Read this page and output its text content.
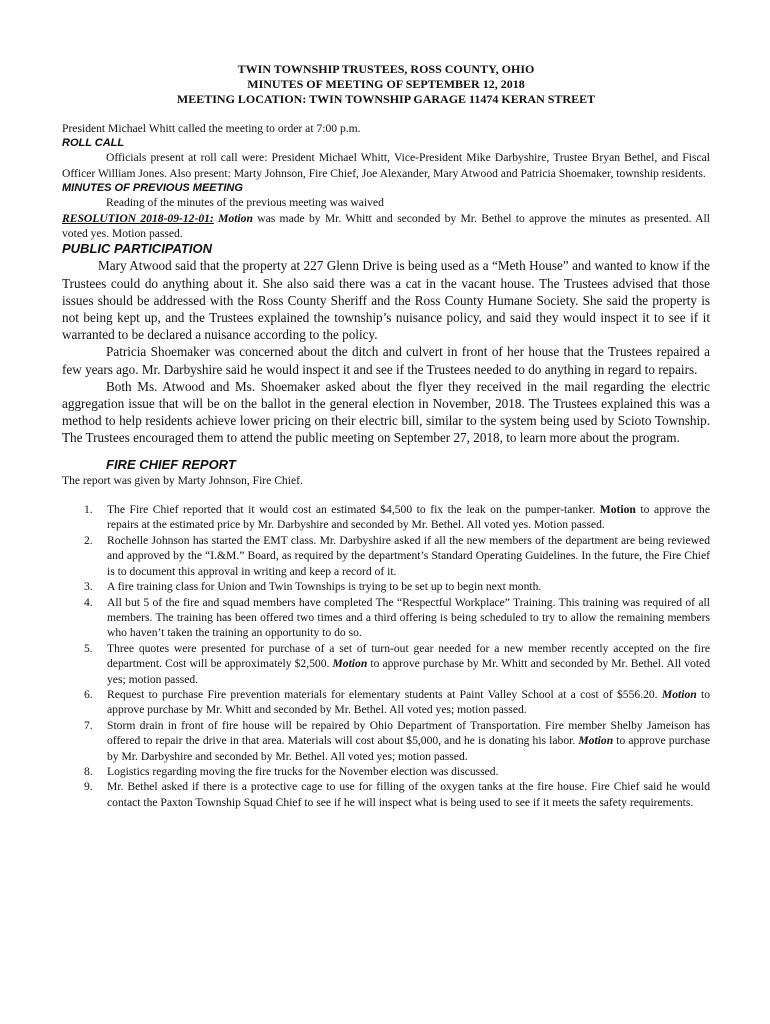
TWIN TOWNSHIP TRUSTEES, ROSS COUNTY, OHIO
MINUTES OF MEETING OF SEPTEMBER 12, 2018
MEETING LOCATION: TWIN TOWNSHIP GARAGE 11474 KERAN STREET

President Michael Whitt called the meeting to order at 7:00 p.m.

ROLL CALL

Officials present at roll call were: President Michael Whitt, Vice-President Mike Darbyshire, Trustee Bryan Bethel, and Fiscal Officer William Jones. Also present: Marty Johnson, Fire Chief, Joe Alexander, Mary Atwood and Patricia Shoemaker, township residents.

MINUTES OF PREVIOUS MEETING

Reading of the minutes of the previous meeting was waived

RESOLUTION 2018-09-12-01: Motion was made by Mr. Whitt and seconded by Mr. Bethel to approve the minutes as presented. All voted yes. Motion passed.

PUBLIC PARTICIPATION

Mary Atwood said that the property at 227 Glenn Drive is being used as a “Meth House” and wanted to know if the Trustees could do anything about it. She also said there was a cat in the vacant house. The Trustees advised that those issues should be addressed with the Ross County Sheriff and the Ross County Humane Society. She said the property is not being kept up, and the Trustees explained the township’s nuisance policy, and said they would inspect it to see if it warranted to be declared a nuisance according to the policy.

Patricia Shoemaker was concerned about the ditch and culvert in front of her house that the Trustees repaired a few years ago. Mr. Darbyshire said he would inspect it and see if the Trustees needed to do anything in regard to repairs.

Both Ms. Atwood and Ms. Shoemaker asked about the flyer they received in the mail regarding the electric aggregation issue that will be on the ballot in the general election in November, 2018. The Trustees explained this was a method to help residents achieve lower pricing on their electric bill, similar to the system being used by Scioto Township. The Trustees encouraged them to attend the public meeting on September 27, 2018, to learn more about the program.

FIRE CHIEF REPORT

The report was given by Marty Johnson, Fire Chief.

1. The Fire Chief reported that it would cost an estimated $4,500 to fix the leak on the pumper-tanker. Motion to approve the repairs at the estimated price by Mr. Darbyshire and seconded by Mr. Bethel. All voted yes. Motion passed.
2. Rochelle Johnson has started the EMT class. Mr. Darbyshire asked if all the new members of the department are being reviewed and approved by the “I.&M.” Board, as required by the department’s Standard Operating Guidelines. In the future, the Fire Chief is to document this approval in writing and keep a record of it.
3. A fire training class for Union and Twin Townships is trying to be set up to begin next month.
4. All but 5 of the fire and squad members have completed The “Respectful Workplace” Training. This training was required of all members. The training has been offered two times and a third offering is being scheduled to try to allow the remaining members who haven’t taken the training an opportunity to do so.
5. Three quotes were presented for purchase of a set of turn-out gear needed for a new member recently accepted on the fire department. Cost will be approximately $2,500. Motion to approve purchase by Mr. Whitt and seconded by Mr. Bethel. All voted yes; motion passed.
6. Request to purchase Fire prevention materials for elementary students at Paint Valley School at a cost of $556.20. Motion to approve purchase by Mr. Whitt and seconded by Mr. Bethel. All voted yes; motion passed.
7. Storm drain in front of fire house will be repaired by Ohio Department of Transportation. Fire member Shelby Jameison has offered to repair the drive in that area. Materials will cost about $5,000, and he is donating his labor. Motion to approve purchase by Mr. Darbyshire and seconded by Mr. Bethel. All voted yes; motion passed.
8. Logistics regarding moving the fire trucks for the November election was discussed.
9. Mr. Bethel asked if there is a protective cage to use for filling of the oxygen tanks at the fire house. Fire Chief said he would contact the Paxton Township Squad Chief to see if he will inspect what is being used to see if it meets the safety requirements.
